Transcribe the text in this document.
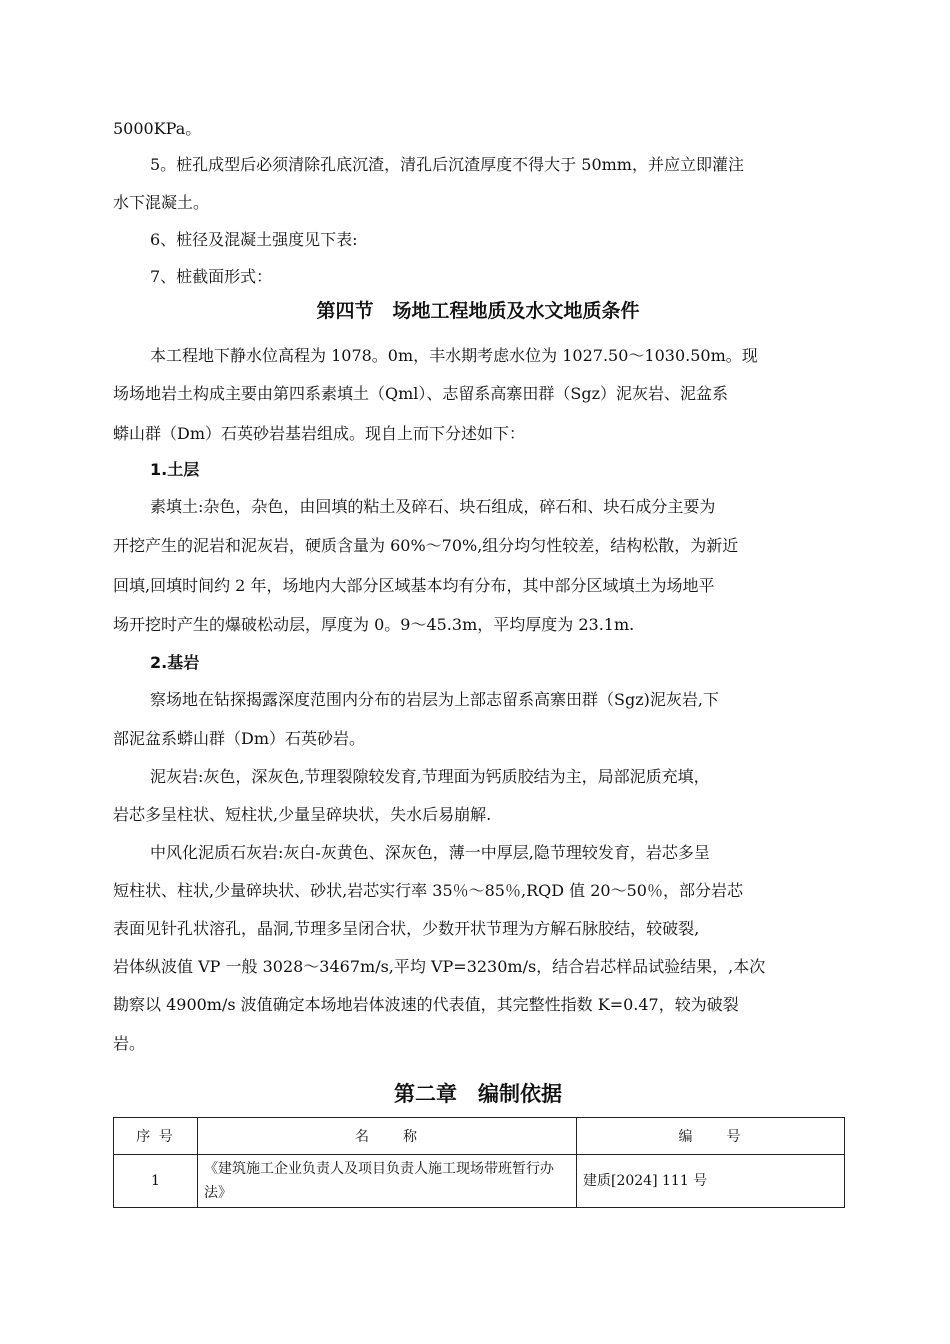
5000KPa。

5。桩孔成型后必须清除孔底沉渣，清孔后沉渣厚度不得大于 50mm，并应立即灌注

水下混凝土。

6、桩径及混凝土强度见下表:

7、桩截面形式：

第四节　场地工程地质及水文地质条件

本工程地下静水位高程为 1078。0m，丰水期考虑水位为 1027.50～1030.50m。现

场场地岩土构成主要由第四系素填土（Qml）、志留系高寨田群（Sgz）泥灰岩、泥盆系

蟒山群（Dm）石英砂岩基岩组成。现自上而下分述如下：

1.土层

素填土:杂色，杂色，由回填的粘土及碎石、块石组成，碎石和、块石成分主要为

开挖产生的泥岩和泥灰岩，硬质含量为 60%～70%,组分均匀性较差，结构松散，为新近

回填,回填时间约 2 年，场地内大部分区域基本均有分布，其中部分区域填土为场地平

场开挖时产生的爆破松动层，厚度为 0。9～45.3m，平均厚度为 23.1m.

2.基岩

察场地在钻探揭露深度范围内分布的岩层为上部志留系高寨田群（Sgz)泥灰岩,下

部泥盆系蟒山群（Dm）石英砂岩。

泥灰岩:灰色，深灰色,节理裂隙较发育,节理面为钙质胶结为主，局部泥质充填，

岩芯多呈柱状、短柱状,少量呈碎块状，失水后易崩解.

中风化泥质石灰岩:灰白-灰黄色、深灰色，薄一中厚层,隐节理较发育，岩芯多呈

短柱状、柱状,少量碎块状、砂状,岩芯实行率 35％～85％,RQD 值 20～50％，部分岩芯

表面见针孔状溶孔，晶洞,节理多呈闭合状，少数开状节理为方解石脉胶结，较破裂,

岩体纵波值 VP 一般 3028～3467m/s,平均 VP=3230m/s，结合岩芯样品试验结果，,本次

勘察以 4900m/s 波值确定本场地岩体波速的代表值，其完整性指数 K=0.47，较为破裂

岩。

第二章　编制依据
序 号	名　　称	编　　号
1	《建筑施工企业负责人及项目负责人施工现场带班暂行办法》	建质[2024] 111 号
